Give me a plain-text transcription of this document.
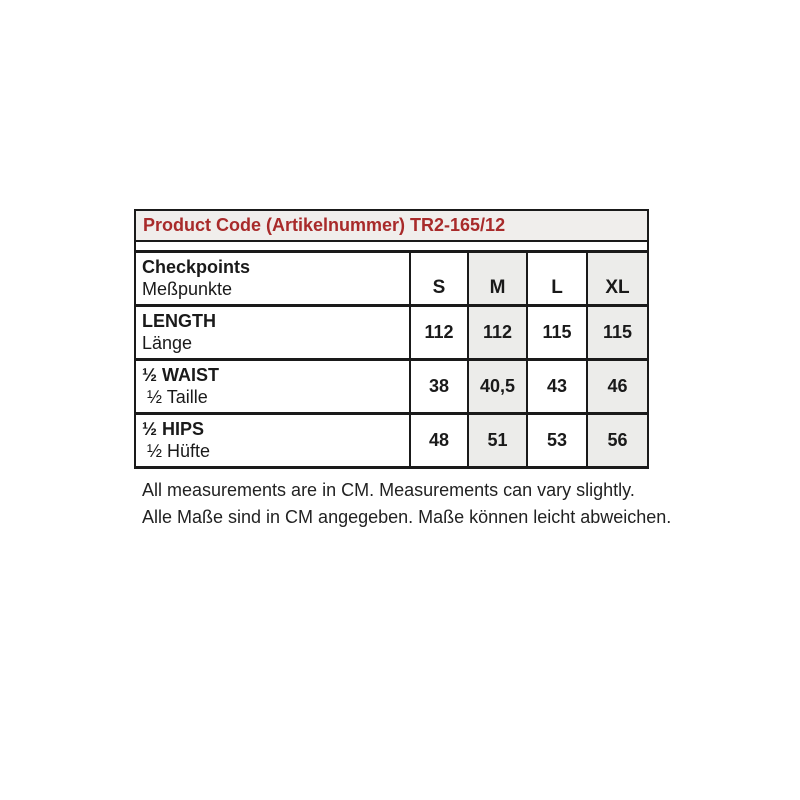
Product Code (Artikelnummer) TR2-165/12				

Checkpoints
Meßpunkte	S	M	L	XL

LENGTH
Länge	112	112	115	115

½ WAIST
½ Taille	38	40,5	43	46

½ HIPS
½ Hüfte	48	51	53	56
All measurements are in CM. Measurements can vary slightly.
Alle Maße sind in CM angegeben. Maße können leicht abweichen.
